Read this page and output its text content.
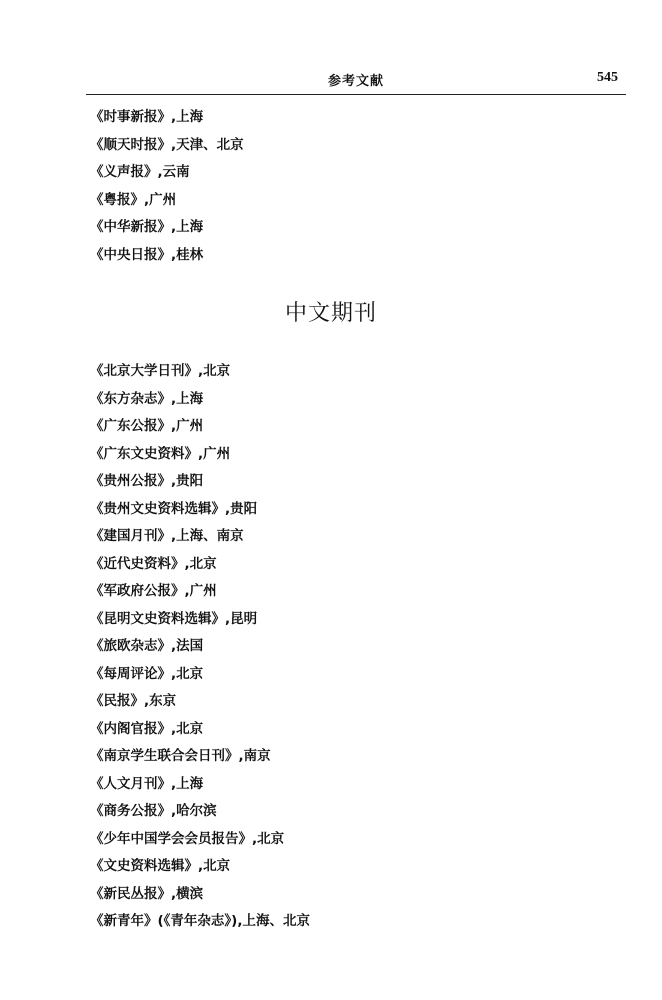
参考文献	545
《时事新报》,上海
《顺天时报》,天津、北京
《义声报》,云南
《粤报》,广州
《中华新报》,上海
《中央日报》,桂林
中文期刊
《北京大学日刊》,北京
《东方杂志》,上海
《广东公报》,广州
《广东文史资料》,广州
《贵州公报》,贵阳
《贵州文史资料选辑》,贵阳
《建国月刊》,上海、南京
《近代史资料》,北京
《军政府公报》,广州
《昆明文史资料选辑》,昆明
《旅欧杂志》,法国
《每周评论》,北京
《民报》,东京
《内阁官报》,北京
《南京学生联合会日刊》,南京
《人文月刊》,上海
《商务公报》,哈尔滨
《少年中国学会会员报告》,北京
《文史资料选辑》,北京
《新民丛报》,横滨
《新青年》(《青年杂志》),上海、北京
